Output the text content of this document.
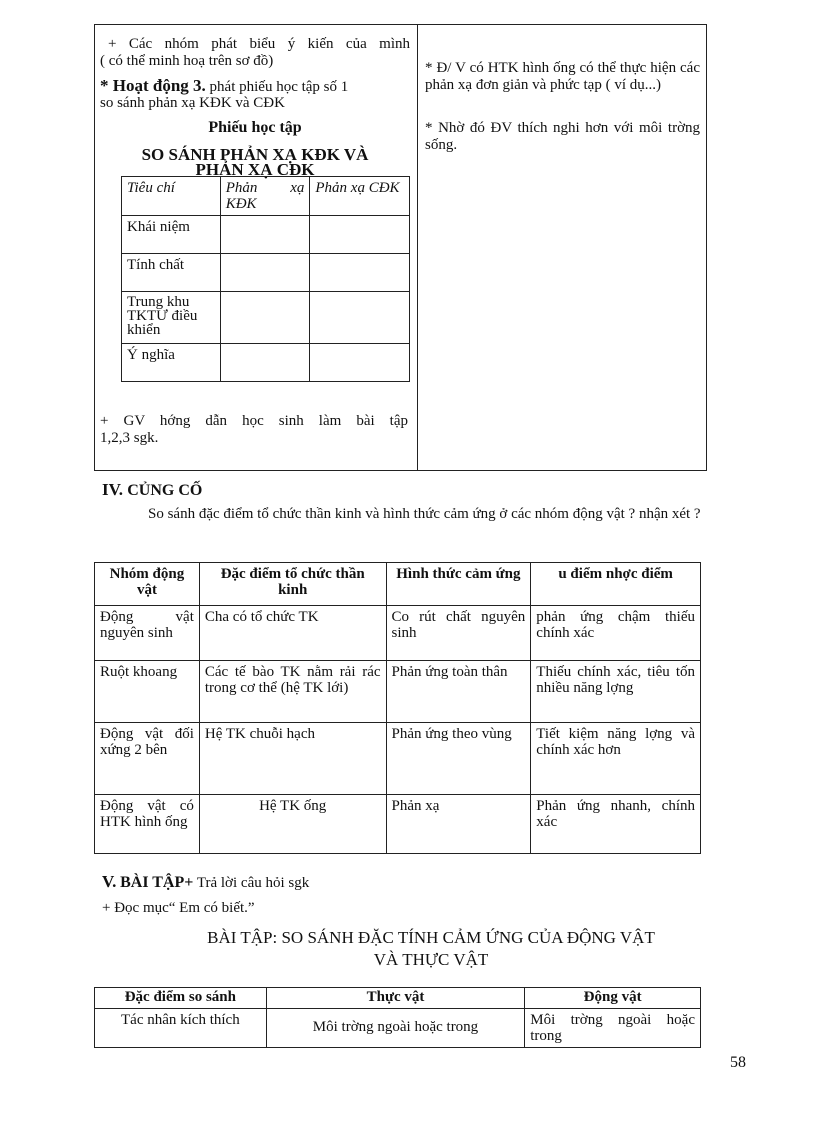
+ Các nhóm phát biểu ý kiến của mình
( có thể minh hoạ trên sơ đồ)
* Hoạt động 3. phát phiếu học tập số 1
so sánh phản xạ KĐK và CĐK
Phiếu học tập
SO SÁNH PHẢN XẠ KĐK VÀ
PHẢN XẠ CĐK
Tiêu chí	Phản xạ KĐK	Phản xạ CĐK
Khái niệm		
Tính chất		
Trung khu TKTƯ điều khiển		
Ý nghĩa		
+ GV hớng dẫn học sinh làm bài tập
1,2,3 sgk.
* Đ/ V có HTK hình ống có thể thực hiện các phản xạ đơn giản và phức tạp ( ví dụ...)
* Nhờ đó ĐV thích nghi hơn với môi trờng sống.
IV. CỦNG CỐ
So sánh đặc điểm tổ chức thần kinh và hình thức cảm ứng ở các nhóm động vật ? nhận xét ?
Nhóm động vật	Đặc điểm tổ chức thần kinh	Hình thức cảm ứng	u điểm nhợc điểm
Động vật nguyên sinh	Cha có tổ chức TK	Co rút chất nguyên sinh	phản ứng chậm thiếu chính xác
Ruột khoang	Các tế bào TK nằm rải rác trong cơ thể (hệ TK lới)	Phản ứng toàn thân	Thiếu chính xác, tiêu tốn nhiều năng lợng
Động vật đối xứng 2 bên	Hệ TK chuỗi hạch	Phản ứng theo vùng	Tiết kiệm năng lợng và chính xác hơn
Động vật có HTK hình ống	Hệ TK ống	Phản xạ	Phản ứng nhanh, chính xác
V. BÀI TẬP+ Trả lời câu hỏi sgk
+ Đọc mục“ Em có biết.”
BÀI TẬP: SO SÁNH ĐẶC TÍNH CẢM ỨNG CỦA ĐỘNG VẬT
VÀ THỰC VẬT
Đặc điểm so sánh	Thực vật	Động vật
Tác nhân kích thích	Môi trờng ngoài hoặc trong	Môi trờng ngoài hoặc trong
58
